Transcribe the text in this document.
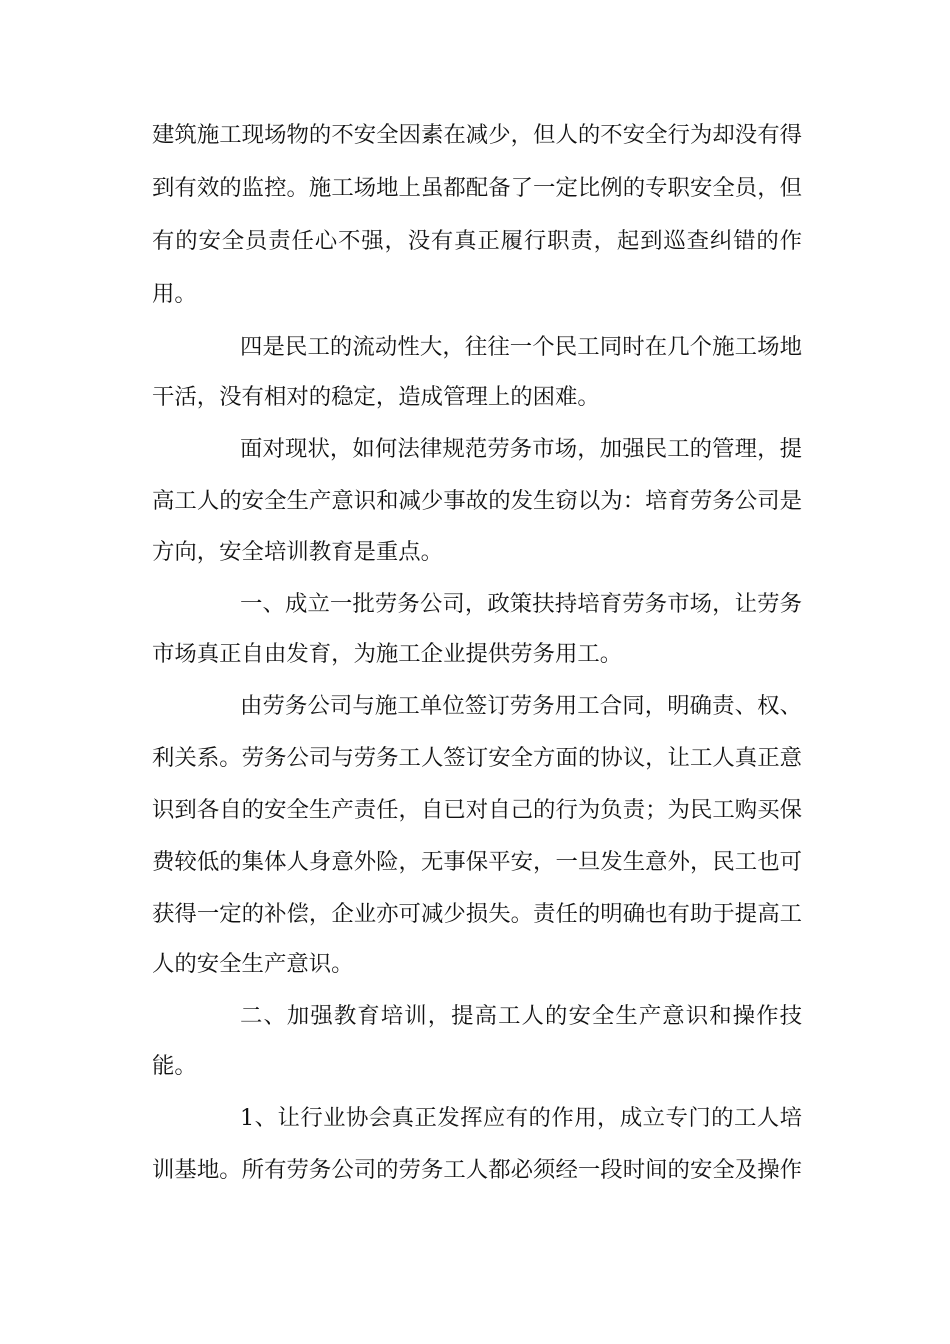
建筑施工现场物的不安全因素在减少，但人的不安全行为却没有得
到有效的监控。施工场地上虽都配备了一定比例的专职安全员，但
有的安全员责任心不强，没有真正履行职责，起到巡查纠错的作
用。
四是民工的流动性大，往往一个民工同时在几个施工场地
干活，没有相对的稳定，造成管理上的困难。
面对现状，如何法律规范劳务市场，加强民工的管理，提
高工人的安全生产意识和减少事故的发生窃以为：培育劳务公司是
方向，安全培训教育是重点。
一、成立一批劳务公司，政策扶持培育劳务市场，让劳务
市场真正自由发育，为施工企业提供劳务用工。
由劳务公司与施工单位签订劳务用工合同，明确责、权、
利关系。劳务公司与劳务工人签订安全方面的协议，让工人真正意
识到各自的安全生产责任，自已对自己的行为负责；为民工购买保
费较低的集体人身意外险，无事保平安，一旦发生意外，民工也可
获得一定的补偿，企业亦可减少损失。责任的明确也有助于提高工
人的安全生产意识。
二、加强教育培训，提高工人的安全生产意识和操作技
能。
1、让行业协会真正发挥应有的作用，成立专门的工人培
训基地。所有劳务公司的劳务工人都必须经一段时间的安全及操作
